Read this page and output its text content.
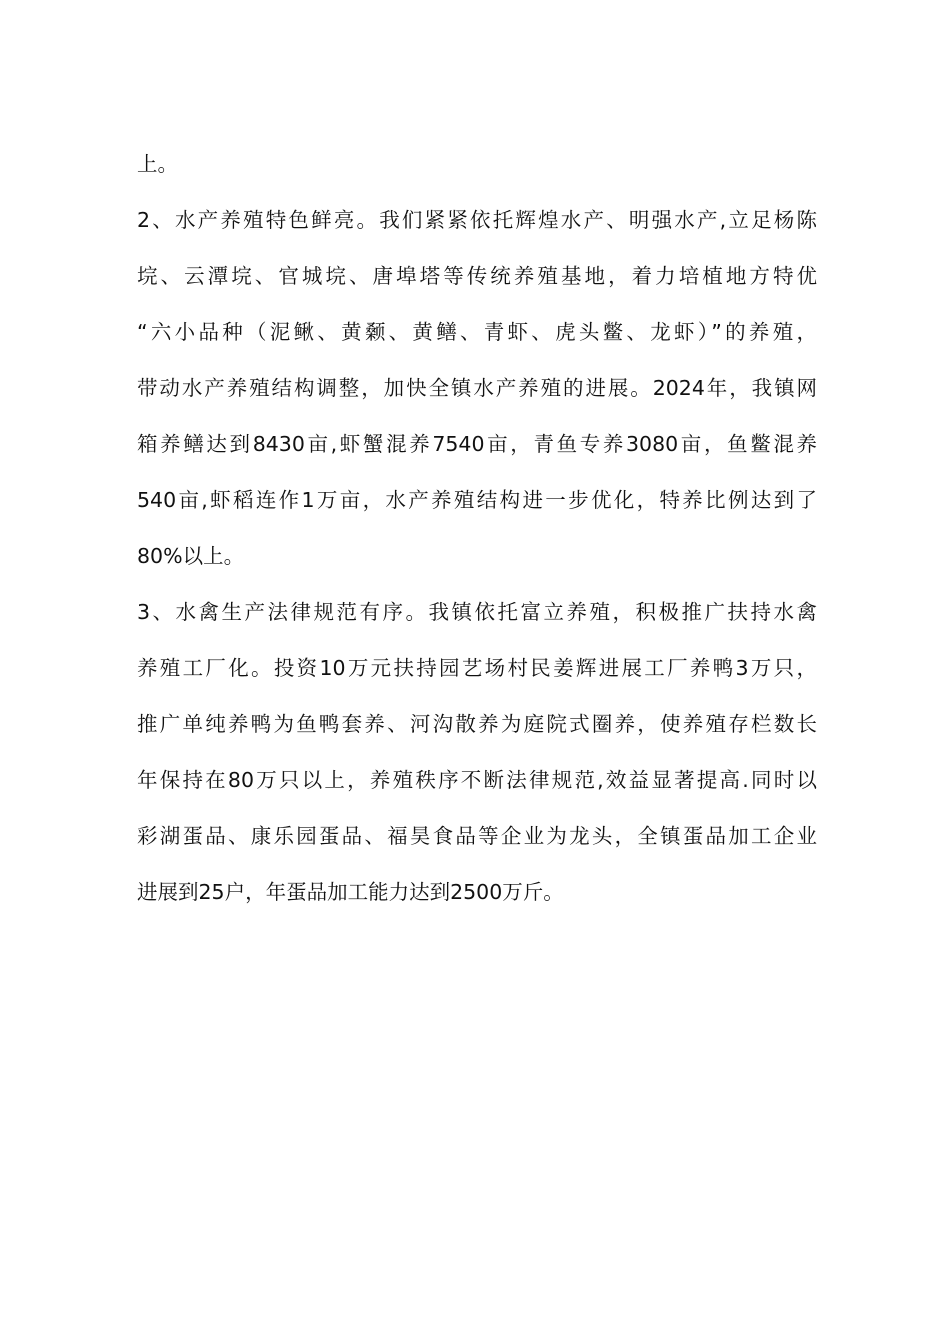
上。
2、水产养殖特色鲜亮。我们紧紧依托辉煌水产、明强水产,立足杨陈
垸、云潭垸、官城垸、唐埠塔等传统养殖基地，着力培植地方特优
“六小品种（泥鳅、黄颡、黄鳝、青虾、虎头鳖、龙虾）”的养殖，
带动水产养殖结构调整，加快全镇水产养殖的进展。2024年，我镇网
箱养鳝达到8430亩,虾蟹混养7540亩，青鱼专养3080亩，鱼鳖混养
540亩,虾稻连作1万亩，水产养殖结构进一步优化，特养比例达到了
80%以上。
3、水禽生产法律规范有序。我镇依托富立养殖，积极推广扶持水禽
养殖工厂化。投资10万元扶持园艺场村民姜辉进展工厂养鸭3万只，
推广单纯养鸭为鱼鸭套养、河沟散养为庭院式圈养，使养殖存栏数长
年保持在80万只以上，养殖秩序不断法律规范,效益显著提高.同时以
彩湖蛋品、康乐园蛋品、福昊食品等企业为龙头，全镇蛋品加工企业
进展到25户，年蛋品加工能力达到2500万斤。
